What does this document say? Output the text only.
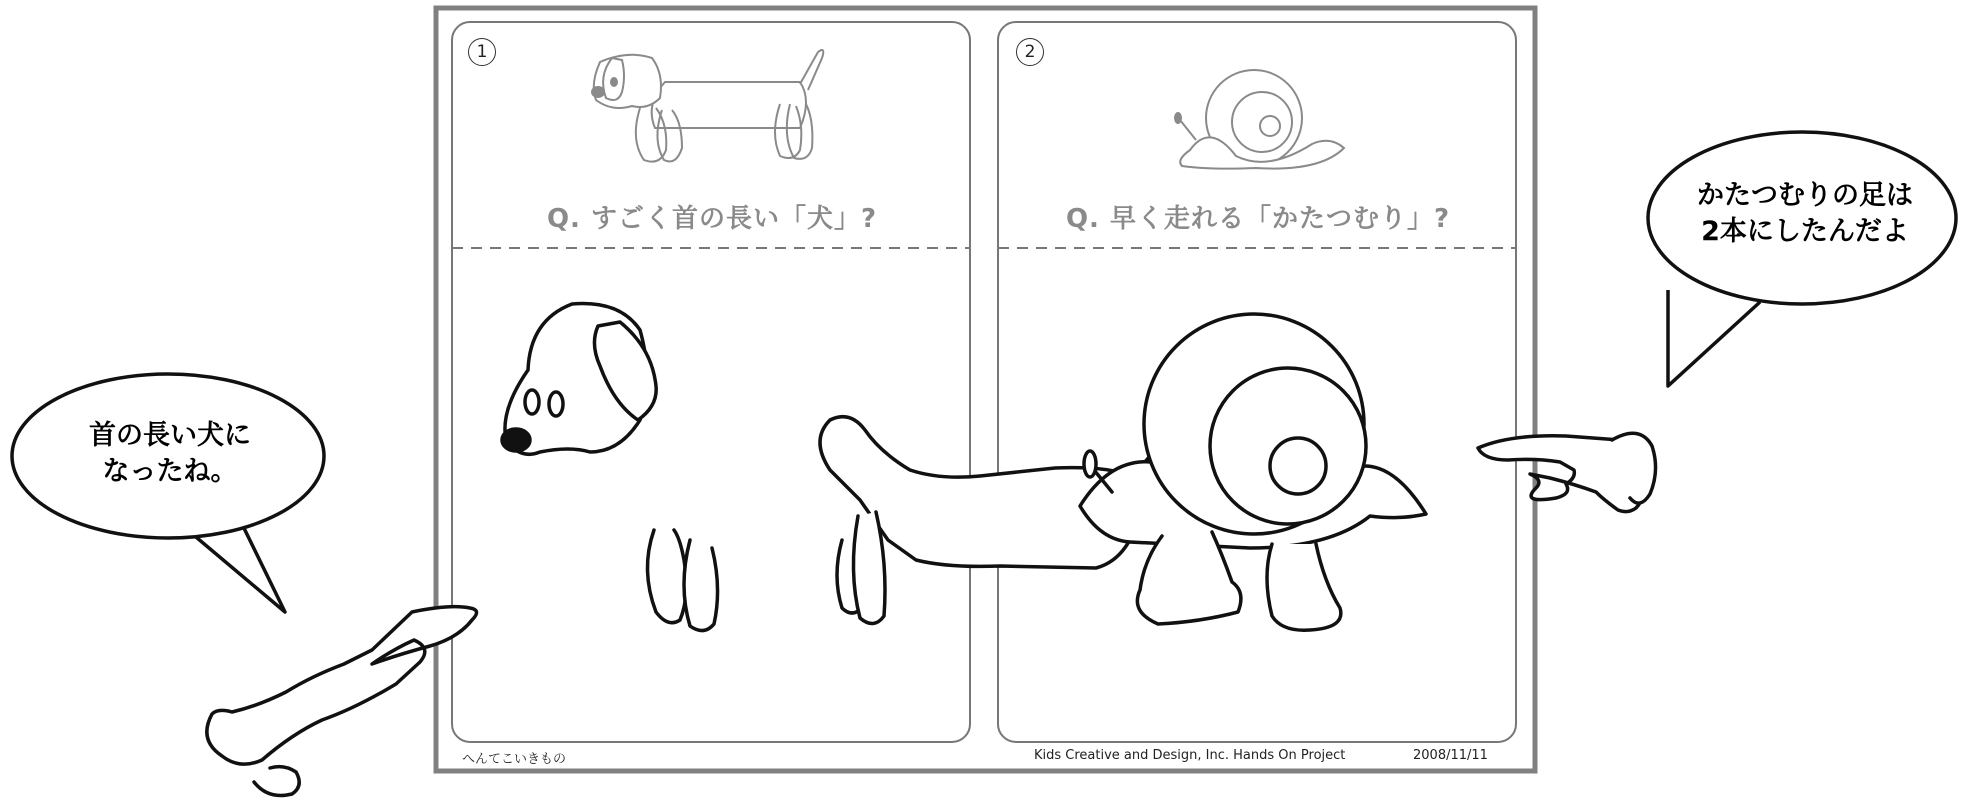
1	2
Q. すごく首の長い「犬」?	Q. 早く走れる「かたつむり」?
首の長い犬に
なったね。
かたつむりの足は
2本にしたんだよ
へんてこいきもの	Kids Creative and Design, Inc. Hands On Project	2008/11/11
